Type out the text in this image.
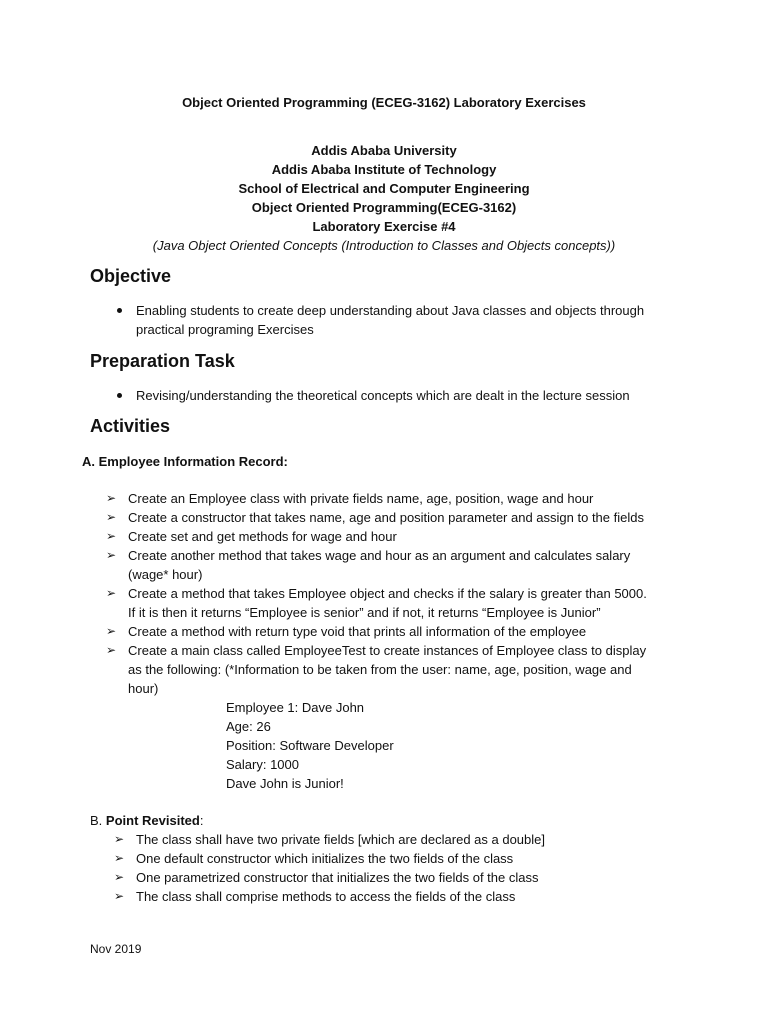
Object Oriented Programming (ECEG-3162) Laboratory Exercises
Addis Ababa University
Addis Ababa Institute of Technology
School of Electrical and Computer Engineering
Object Oriented Programming(ECEG-3162)
Laboratory Exercise #4
(Java Object Oriented Concepts (Introduction to Classes and Objects concepts))
Objective
Enabling students to create deep understanding about Java classes and objects through
practical programing Exercises
Preparation Task
Revising/understanding the theoretical concepts which are dealt in the lecture session
Activities
A. Employee Information Record:
➢ Create an Employee class with private fields name, age, position, wage and hour
➢ Create a constructor that takes name, age and position parameter and assign to the fields
➢ Create set and get methods for wage and hour
➢ Create another method that takes wage and hour as an argument and calculates salary
(wage* hour)
➢ Create a method that takes Employee object and checks if the salary is greater than 5000.
If it is then it returns “Employee is senior” and if not, it returns “Employee is Junior”
➢ Create a method with return type void that prints all information of the employee
➢ Create a main class called EmployeeTest to create instances of Employee class to display
as the following: (*Information to be taken from the user: name, age, position, wage and
hour)
Employee 1: Dave John
Age: 26
Position: Software Developer
Salary: 1000
Dave John is Junior!
B. Point Revisited:
➢ The class shall have two private fields [which are declared as a double]
➢ One default constructor which initializes the two fields of the class
➢ One parametrized constructor that initializes the two fields of the class
➢ The class shall comprise methods to access the fields of the class
Nov 2019
